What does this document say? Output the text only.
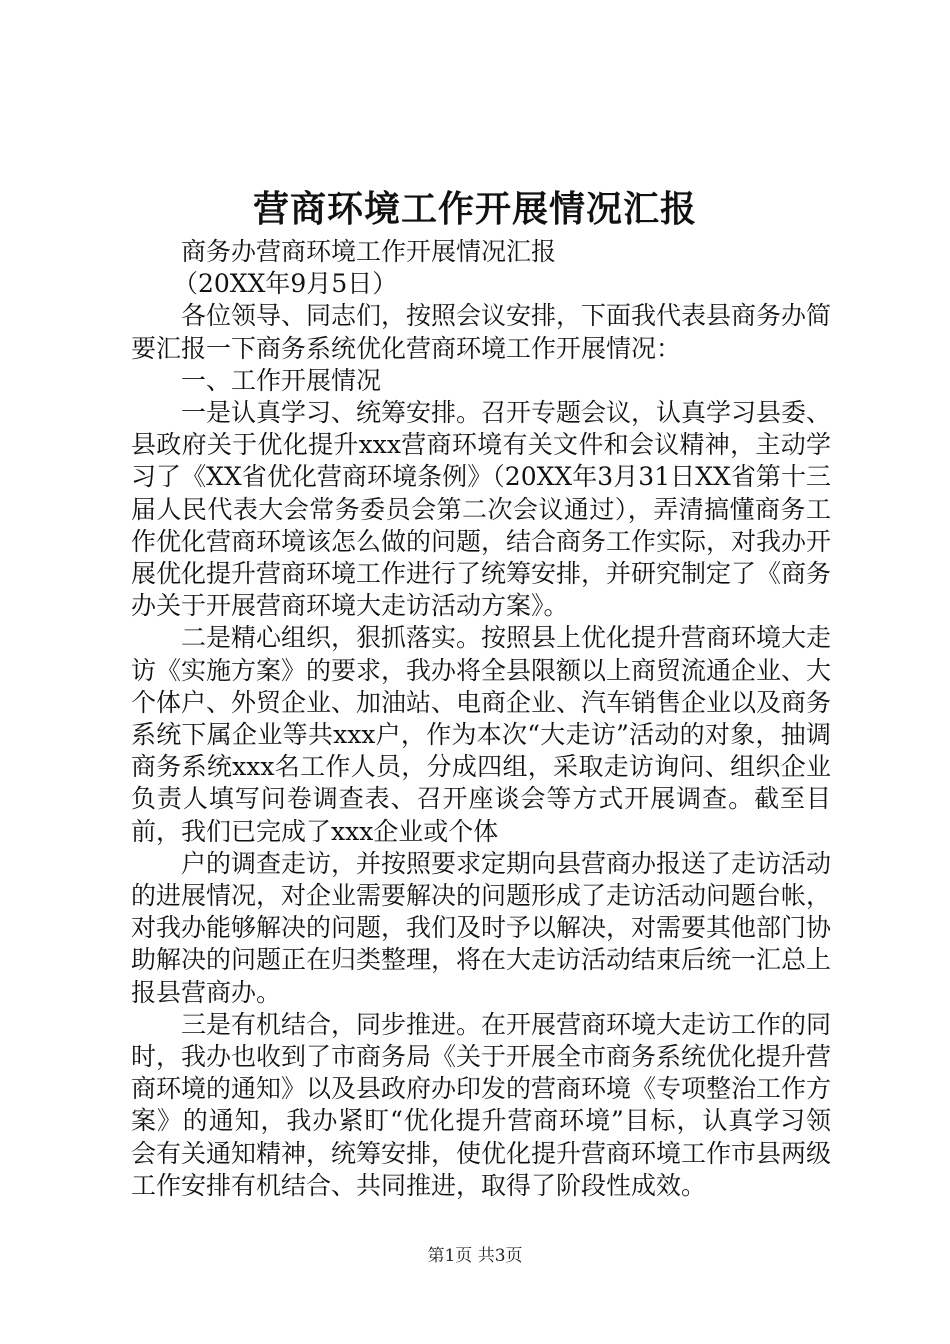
营商环境工作开展情况汇报

商务办营商环境工作开展情况汇报

（20XX年9月5日）

各位领导、同志们，按照会议安排，下面我代表县商务办简要汇报一下商务系统优化营商环境工作开展情况：

一、工作开展情况

一是认真学习、统筹安排。召开专题会议，认真学习县委、县政府关于优化提升xxx营商环境有关文件和会议精神，主动学习了《XX省优化营商环境条例》（20XX年3月31日XX省第十三届人民代表大会常务委员会第二次会议通过），弄清搞懂商务工作优化营商环境该怎么做的问题，结合商务工作实际，对我办开展优化提升营商环境工作进行了统筹安排，并研究制定了《商务办关于开展营商环境大走访活动方案》。

二是精心组织，狠抓落实。按照县上优化提升营商环境大走访《实施方案》的要求，我办将全县限额以上商贸流通企业、大个体户、外贸企业、加油站、电商企业、汽车销售企业以及商务系统下属企业等共xxx户，作为本次“大走访”活动的对象，抽调商务系统xxx名工作人员，分成四组，采取走访询问、组织企业负责人填写问卷调查表、召开座谈会等方式开展调查。截至目前，我们已完成了xxx企业或个体

户的调查走访，并按照要求定期向县营商办报送了走访活动的进展情况，对企业需要解决的问题形成了走访活动问题台帐，对我办能够解决的问题，我们及时予以解决，对需要其他部门协助解决的问题正在归类整理，将在大走访活动结束后统一汇总上报县营商办。

三是有机结合，同步推进。在开展营商环境大走访工作的同时，我办也收到了市商务局《关于开展全市商务系统优化提升营商环境的通知》以及县政府办印发的营商环境《专项整治工作方案》的通知，我办紧盯“优化提升营商环境”目标，认真学习领会有关通知精神，统筹安排，使优化提升营商环境工作市县两级工作安排有机结合、共同推进，取得了阶段性成效。

第1页 共3页
